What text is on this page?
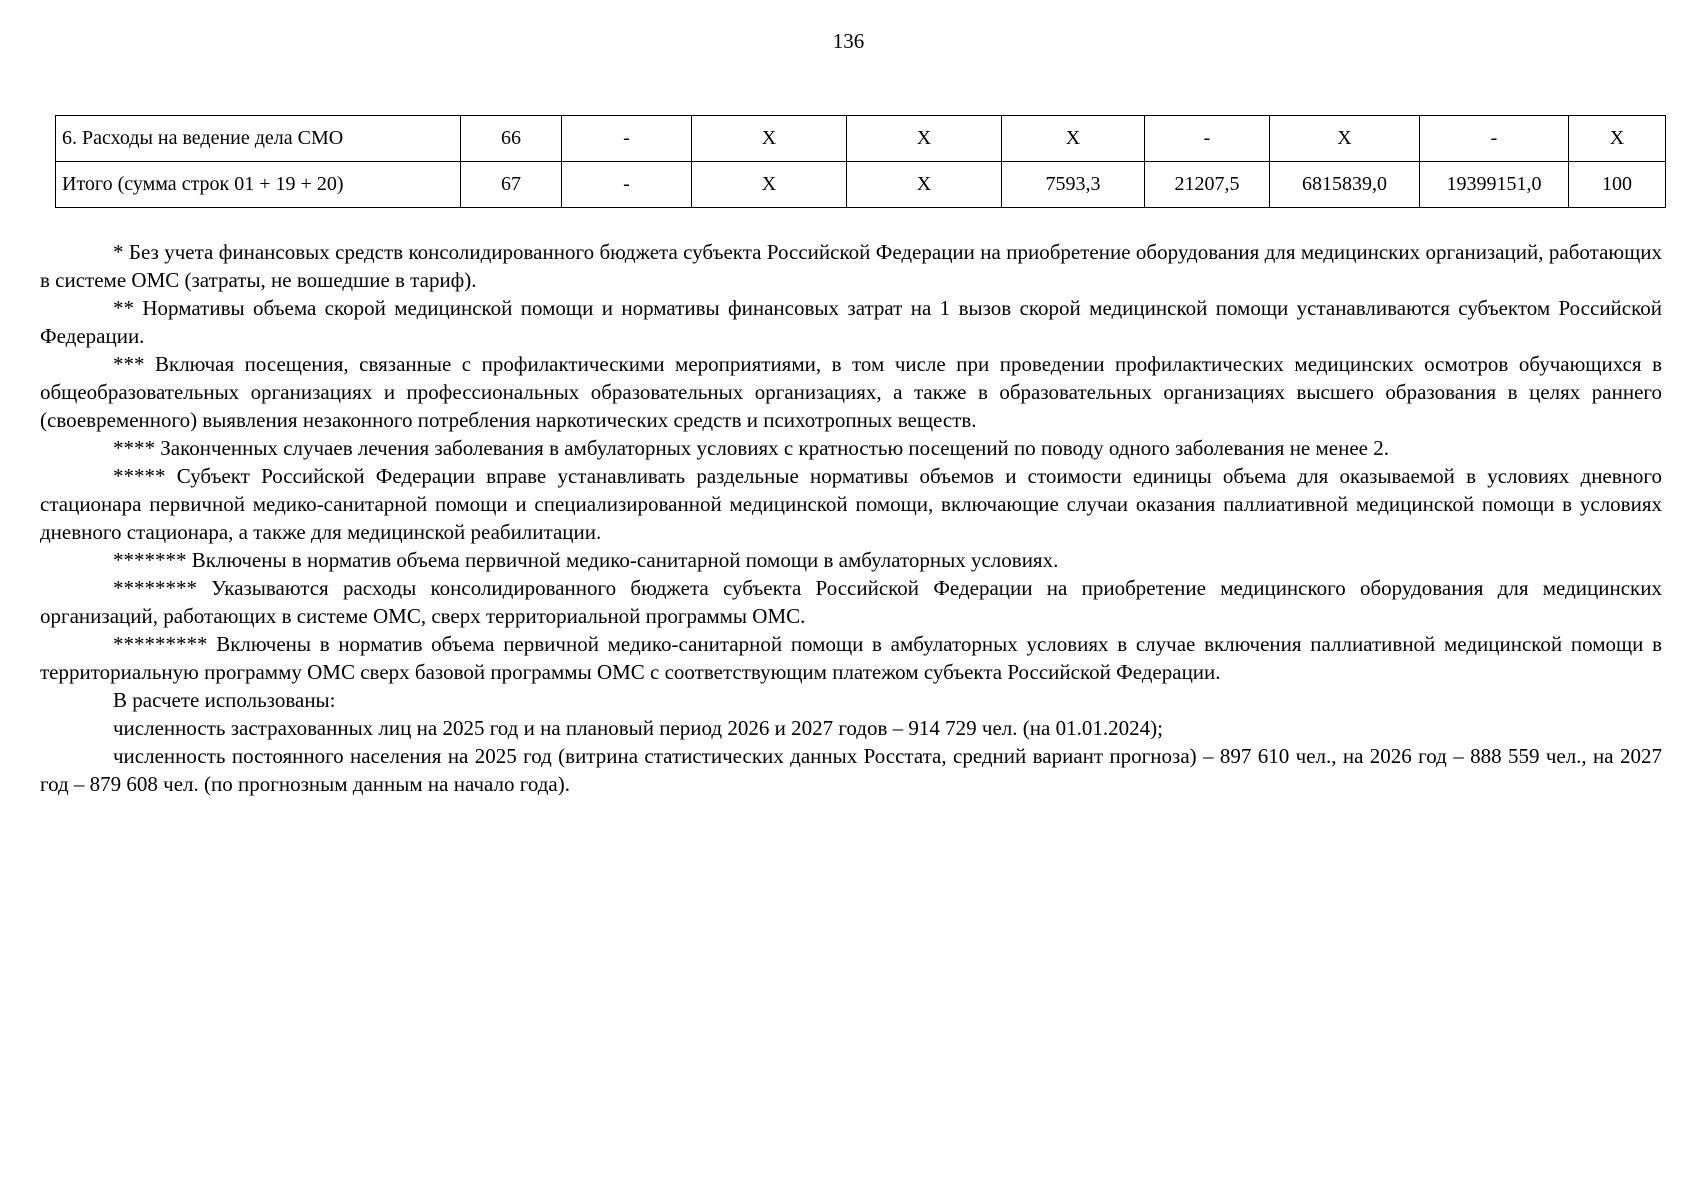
136
6. Расходы на ведение дела СМО	66	-	X	X	X	-	X	-	X
Итого (сумма строк 01 + 19 + 20)	67	-	X	X	7593,3	21207,5	6815839,0	19399151,0	100

* Без учета финансовых средств консолидированного бюджета субъекта Российской Федерации на приобретение оборудования для медицинских организаций, работающих в системе ОМС (затраты, не вошедшие в тариф).

** Нормативы объема скорой медицинской помощи и нормативы финансовых затрат на 1 вызов скорой медицинской помощи устанавливаются субъектом Российской Федерации.

*** Включая посещения, связанные с профилактическими мероприятиями, в том числе при проведении профилактических медицинских осмотров обучающихся в общеобразовательных организациях и профессиональных образовательных организациях, а также в образовательных организациях высшего образования в целях раннего (своевременного) выявления незаконного потребления наркотических средств и психотропных веществ.

**** Законченных случаев лечения заболевания в амбулаторных условиях с кратностью посещений по поводу одного заболевания не менее 2.

***** Субъект Российской Федерации вправе устанавливать раздельные нормативы объемов и стоимости единицы объема для оказываемой в условиях дневного стационара первичной медико-санитарной помощи и специализированной медицинской помощи, включающие случаи оказания паллиативной медицинской помощи в условиях дневного стационара, а также для медицинской реабилитации.

******* Включены в норматив объема первичной медико-санитарной помощи в амбулаторных условиях.

******** Указываются расходы консолидированного бюджета субъекта Российской Федерации на приобретение медицинского оборудования для медицинских организаций, работающих в системе ОМС, сверх территориальной программы ОМС.

********* Включены в норматив объема первичной медико-санитарной помощи в амбулаторных условиях в случае включения паллиативной медицинской помощи в территориальную программу ОМС сверх базовой программы ОМС с соответствующим платежом субъекта Российской Федерации.

В расчете использованы:

численность застрахованных лиц на 2025 год и на плановый период 2026 и 2027 годов – 914 729 чел. (на 01.01.2024);

численность постоянного населения на 2025 год (витрина статистических данных Росстата, средний вариант прогноза) – 897 610 чел., на 2026 год – 888 559 чел., на 2027 год – 879 608 чел. (по прогнозным данным на начало года).
